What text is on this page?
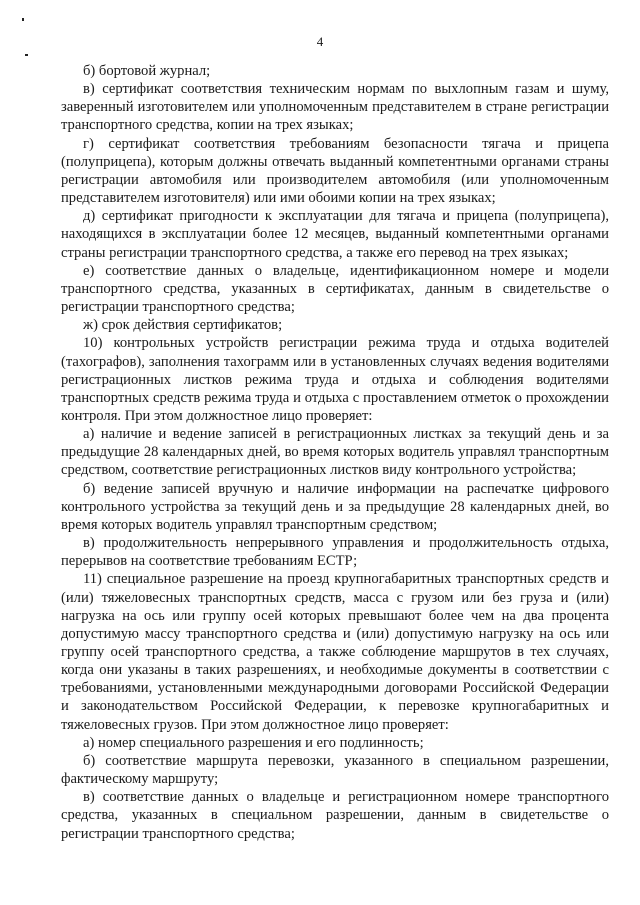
4

б) бортовой журнал;

в) сертификат соответствия техническим нормам по выхлопным газам и шуму, заверенный изготовителем или уполномоченным представителем в стране регистрации транспортного средства, копии на трех языках;

г) сертификат соответствия требованиям безопасности тягача и прицепа (полуприцепа), которым должны отвечать выданный компетентными органами страны регистрации автомобиля или производителем автомобиля (или уполномоченным представителем изготовителя) или ими обоими копии на трех языках;

д) сертификат пригодности к эксплуатации для тягача и прицепа (полуприцепа), находящихся в эксплуатации более 12 месяцев, выданный компетентными органами страны регистрации транспортного средства, а также его перевод на трех языках;

е) соответствие данных о владельце, идентификационном номере и модели транспортного средства, указанных в сертификатах, данным в свидетельстве о регистрации транспортного средства;

ж) срок действия сертификатов;

10) контрольных устройств регистрации режима труда и отдыха водителей (тахографов), заполнения тахограмм или в установленных случаях ведения водителями регистрационных листков режима труда и отдыха и соблюдения водителями транспортных средств режима труда и отдыха с проставлением отметок о прохождении контроля. При этом должностное лицо проверяет:

а) наличие и ведение записей в регистрационных листках за текущий день и за предыдущие 28 календарных дней, во время которых водитель управлял транспортным средством, соответствие регистрационных листков виду контрольного устройства;

б) ведение записей вручную и наличие информации на распечатке цифрового контрольного устройства за текущий день и за предыдущие 28 календарных дней, во время которых водитель управлял транспортным средством;

в) продолжительность непрерывного управления и продолжительность отдыха, перерывов на соответствие требованиям ЕСТР;

11) специальное разрешение на проезд крупногабаритных транспортных средств и (или) тяжеловесных транспортных средств, масса с грузом или без груза и (или) нагрузка на ось или группу осей которых превышают более чем на два процента допустимую массу транспортного средства и (или) допустимую нагрузку на ось или группу осей транспортного средства, а также соблюдение маршрутов в тех случаях, когда они указаны в таких разрешениях, и необходимые документы в соответствии с требованиями, установленными международными договорами Российской Федерации и законодательством Российской Федерации, к перевозке крупногабаритных и тяжеловесных грузов. При этом должностное лицо проверяет:

а) номер специального разрешения и его подлинность;

б) соответствие маршрута перевозки, указанного в специальном разрешении, фактическому маршруту;

в) соответствие данных о владельце и регистрационном номере транспортного средства, указанных в специальном разрешении, данным в свидетельстве о регистрации транспортного средства;
